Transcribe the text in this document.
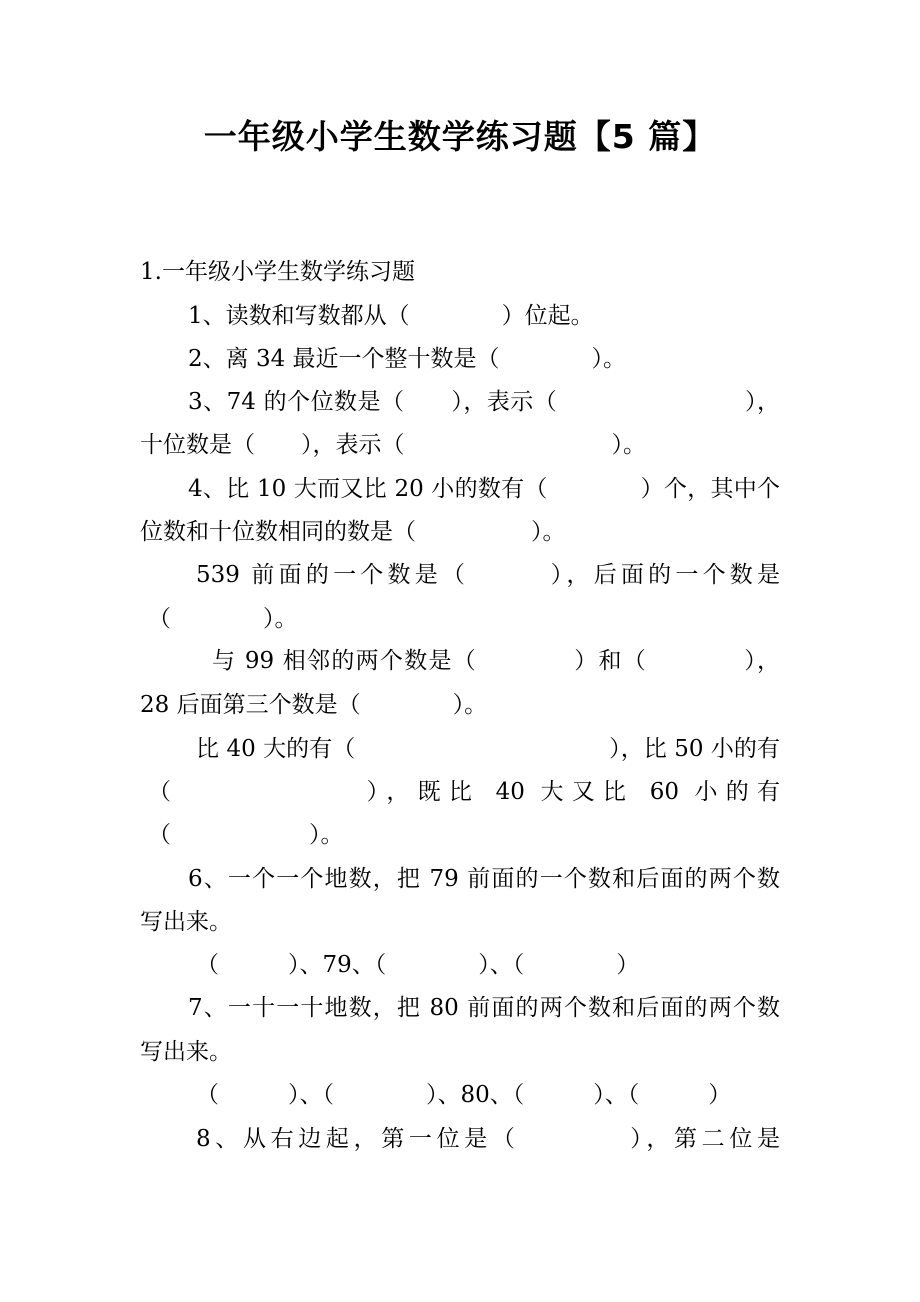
一年级小学生数学练习题【5 篇】
1.一年级小学生数学练习题
1、读数和写数都从（　　　　）位起。
2、离 34 最近一个整十数是（　　　　）。
3、74 的个位数是（　　），表示（　　　　　　　　），
十位数是（　　），表示（　　　　　　　　　）。
4、比 10 大而又比 20 小的数有（　　　　）个，其中个
位数和十位数相同的数是（　　　　　）。
539 前面的一个数是（　　　），后面的一个数是
（　　　　）。
与 99 相邻的两个数是（　　　　）和（　　　　），
28 后面第三个数是（　　　　）。
比 40 大的有（　　　　　　　　　　　），比 50 小的有
（　　　　　　），既比 40 大又比 60 小的有
（　　　　　　）。
6、一个一个地数，把 79 前面的一个数和后面的两个数
写出来。
（　　　）、79、（　　　　）、（　　　　）
7、一十一十地数，把 80 前面的两个数和后面的两个数
写出来。
（　　　）、（　　　　）、80、（　　　）、（　　　）
8、从右边起，第一位是（　　　　），第二位是
